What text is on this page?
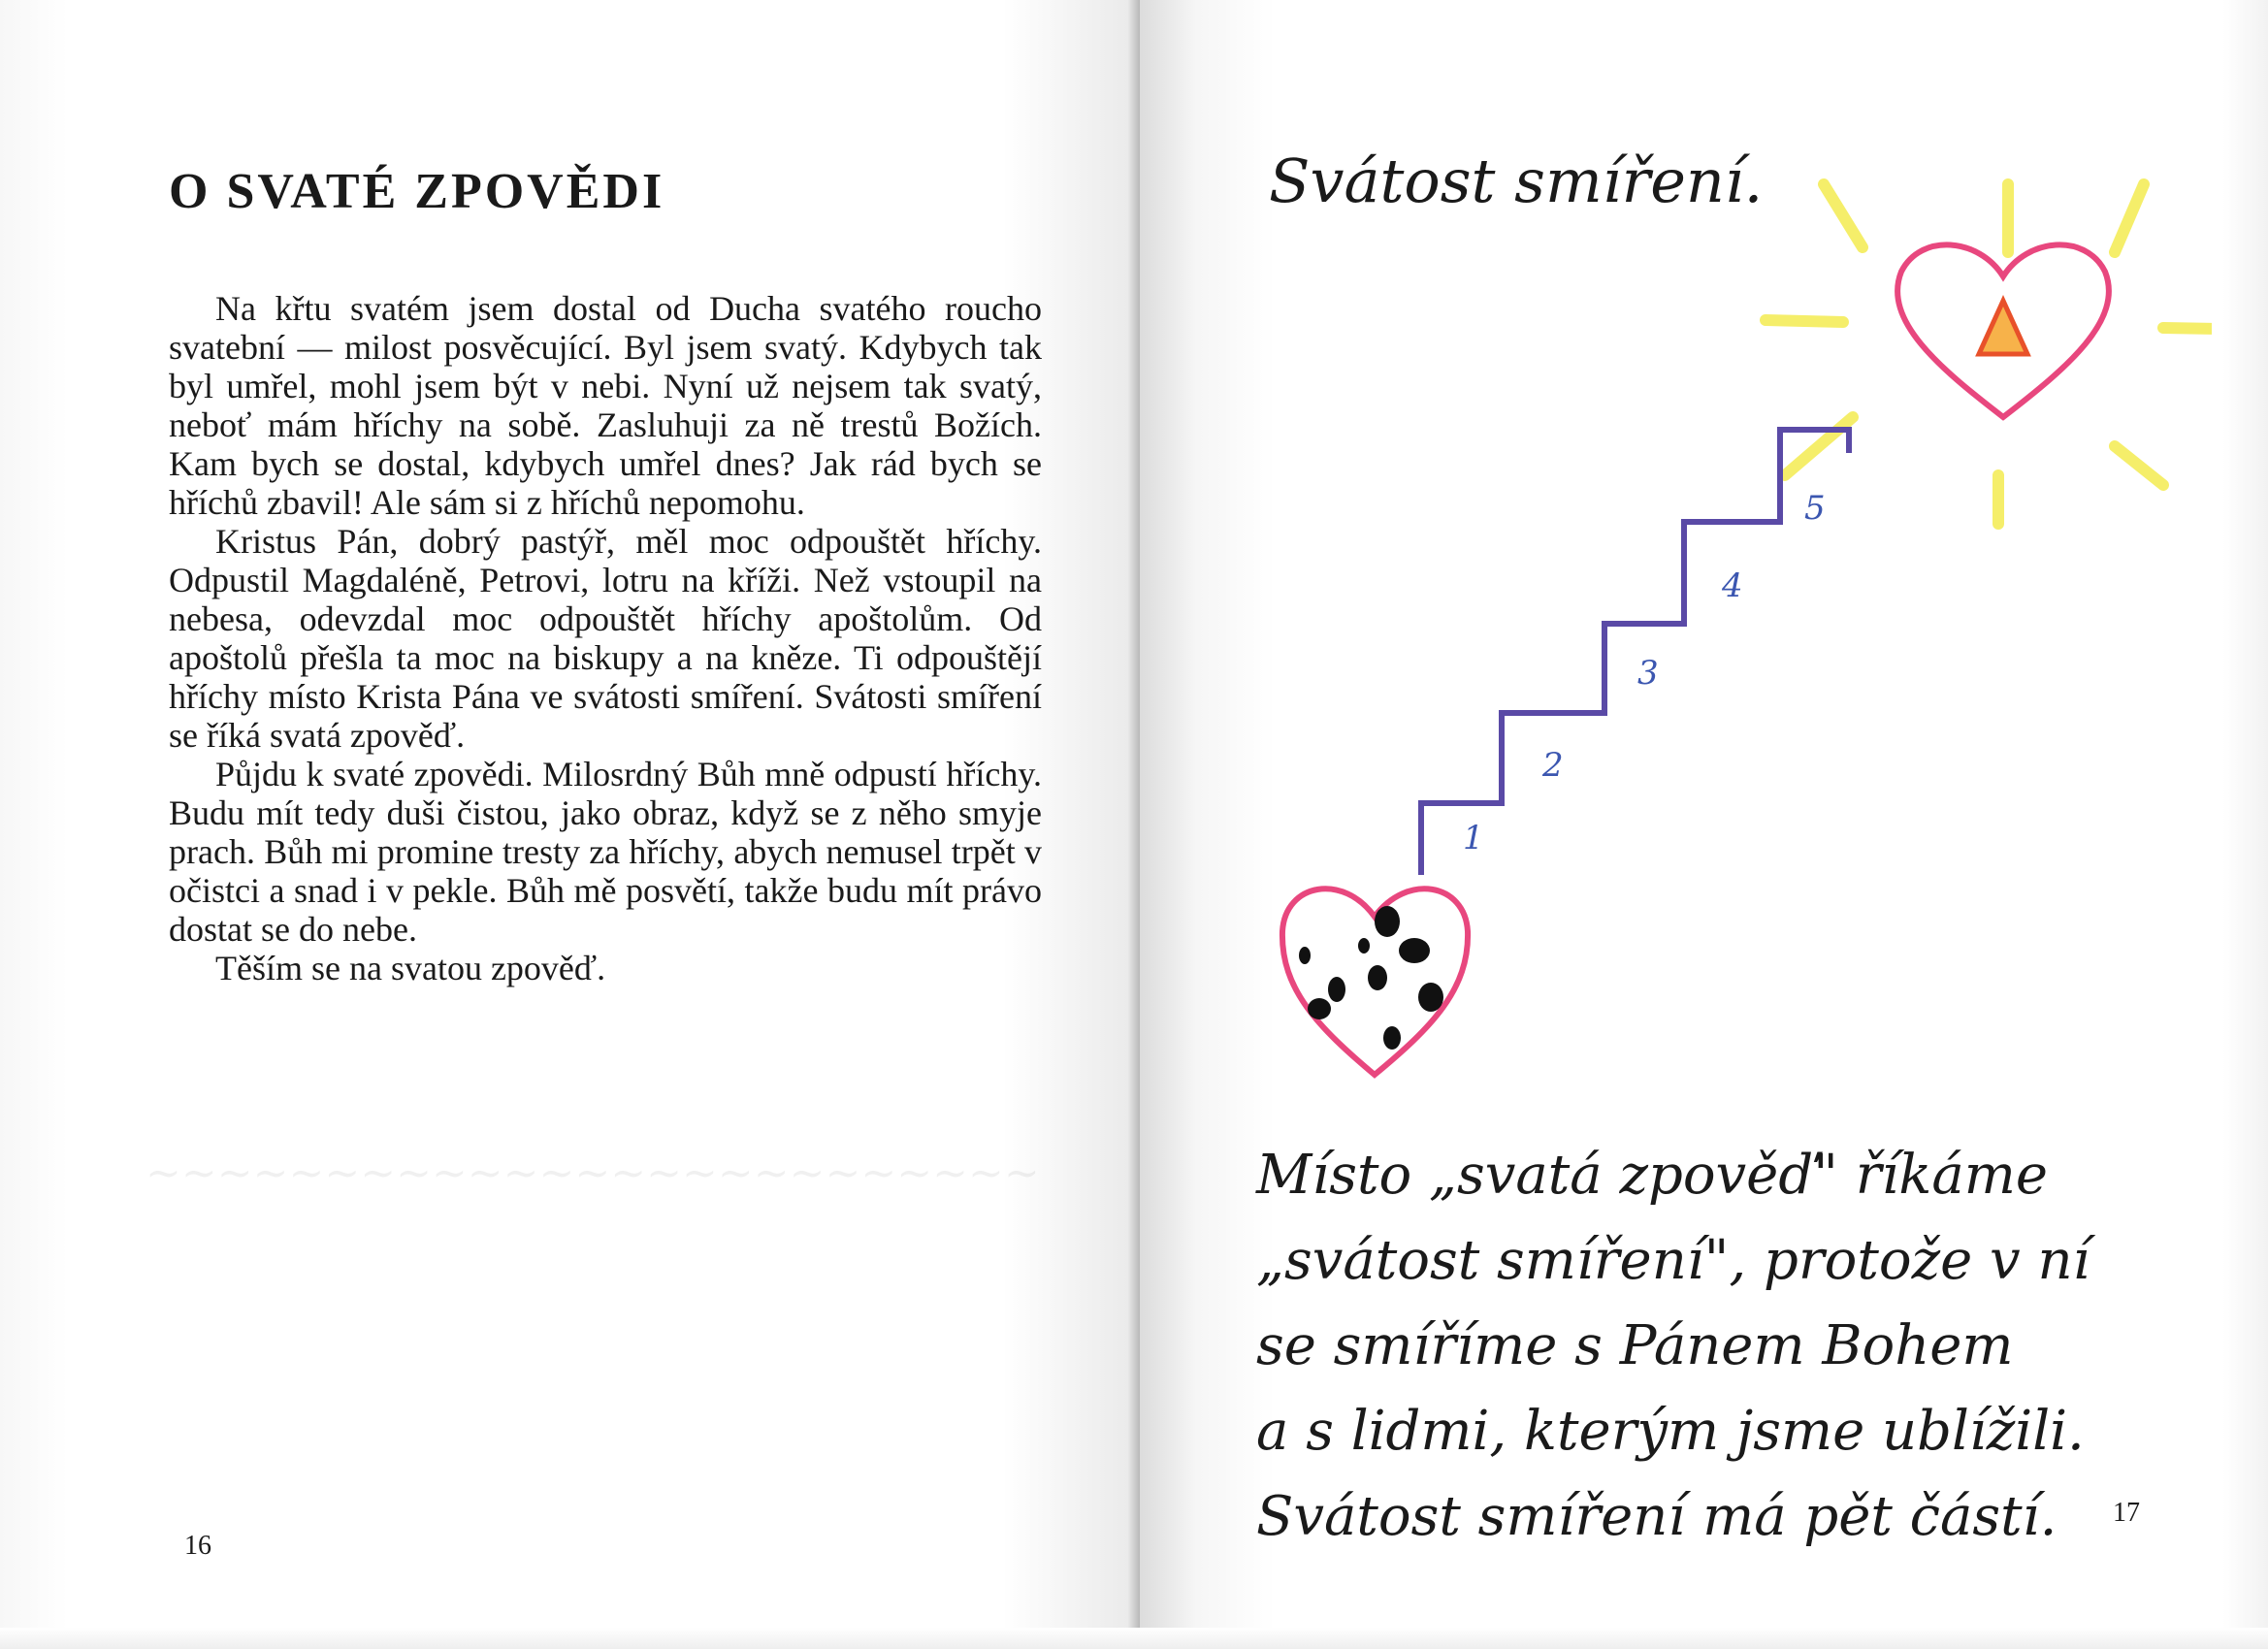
~~~~~~~~~~~~~~~~~~~~~~~~~
O SVATÉ ZPOVĚDI

Na křtu svatém jsem dostal od Ducha svatého roucho svatební — milost posvěcující. Byl jsem svatý. Kdybych tak byl umřel, mohl jsem být v nebi. Nyní už nejsem tak svatý, neboť mám hříchy na sobě. Zasluhuji za ně trestů Božích. Kam bych se dostal, kdybych umřel dnes? Jak rád bych se hříchů zbavil! Ale sám si z hříchů nepomohu.

Kristus Pán, dobrý pastýř, měl moc odpouštět hříchy. Odpustil Magdaléně, Petrovi, lotru na kříži. Než vstoupil na nebesa, odevzdal moc odpouštět hříchy apoštolům. Od apoštolů přešla ta moc na biskupy a na kněze. Ti odpouštějí hříchy místo Krista Pána ve svátosti smíření. Svátosti smíření se říká svatá zpověď.

Půjdu k svaté zpovědi. Milosrdný Bůh mně odpustí hříchy. Budu mít tedy duši čistou, jako obraz, když se z něho smyje prach. Bůh mi promine tresty za hříchy, abych nemusel trpět v očistci a snad i v pekle. Bůh mě posvětí, takže budu mít právo dostat se do nebe.

Těším se na svatou zpověď.

16
Svátost smíření.
1
2
3
4
5
Místo „svatá zpověď" říkáme
„svátost smíření", protože v ní
se smíříme s Pánem Bohem
a s lidmi, kterým jsme ublížili.
Svátost smíření má pět částí.	17
